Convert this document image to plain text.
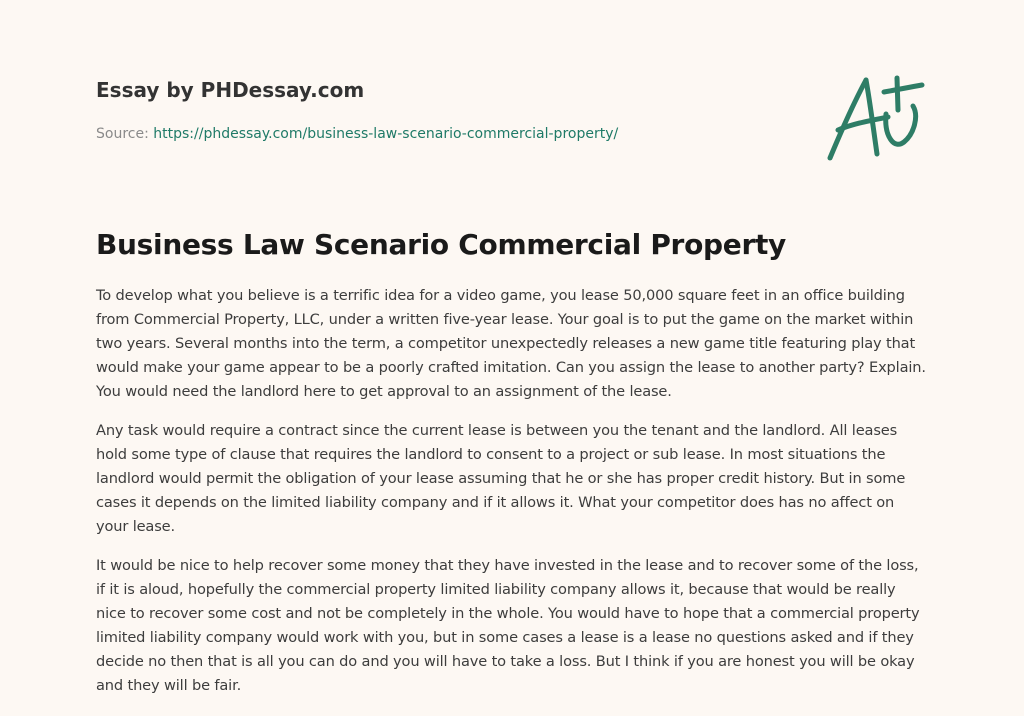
Essay by PHDessay.com
Source: https://phdessay.com/business-law-scenario-commercial-property/
Business Law Scenario Commercial Property

To develop what you believe is a terrific idea for a video game, you lease 50,000 square feet in an office building from Commercial Property, LLC, under a written five-year lease. Your goal is to put the game on the market within two years. Several months into the term, a competitor unexpectedly releases a new game title featuring play that would make your game appear to be a poorly crafted imitation. Can you assign the lease to another party? Explain. You would need the landlord here to get approval to an assignment of the lease.

Any task would require a contract since the current lease is between you the tenant and the landlord. All leases hold some type of clause that requires the landlord to consent to a project or sub lease. In most situations the landlord would permit the obligation of your lease assuming that he or she has proper credit history. But in some cases it depends on the limited liability company and if it allows it. What your competitor does has no affect on your lease.

It would be nice to help recover some money that they have invested in the lease and to recover some of the loss, if it is aloud, hopefully the commercial property limited liability company allows it, because that would be really nice to recover some cost and not be completely in the whole. You would have to hope that a commercial property limited liability company would work with you, but in some cases a lease is a lease no questions asked and if they decide no then that is all you can do and you will have to take a loss. But I think if you are honest you will be okay and they will be fair.
